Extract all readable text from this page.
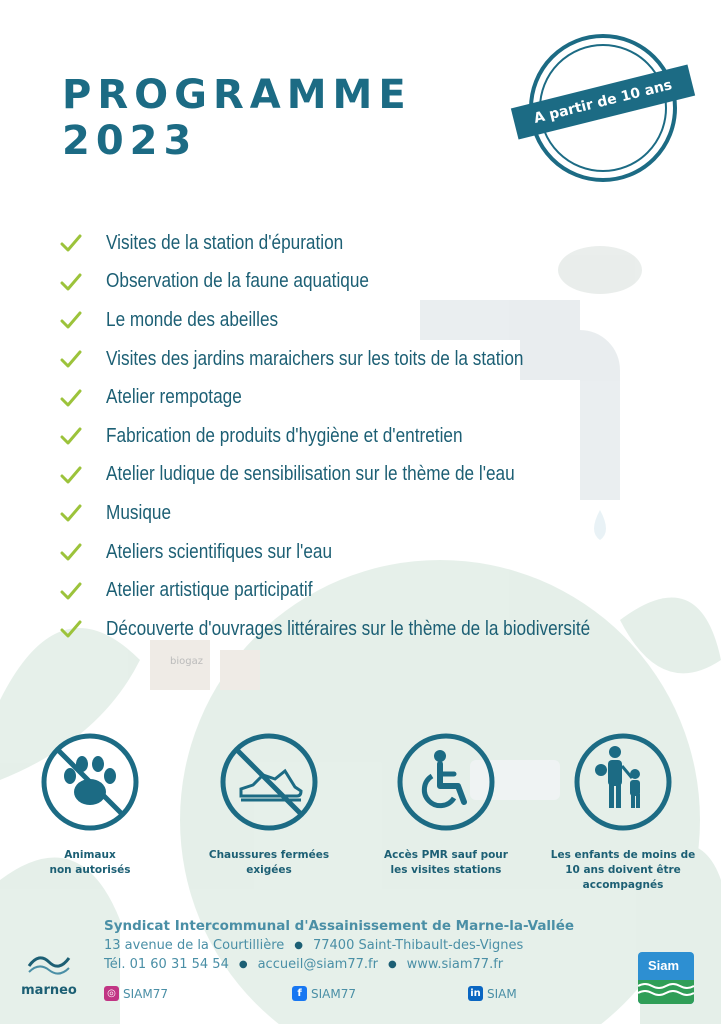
biogaz
PROGRAMME
2023
A partir de 10 ans
Visites de la station d'épuration
Observation de la faune aquatique
Le monde des abeilles
Visites des jardins maraichers sur les toits de la station
Atelier rempotage
Fabrication de produits d'hygiène et d'entretien
Atelier ludique de sensibilisation sur le thème de l'eau
Musique
Ateliers scientifiques sur l'eau
Atelier artistique participatif
Découverte d'ouvrages littéraires sur le thème de la biodiversité
Animaux
non autorisés
Chaussures fermées
exigées
Accès PMR sauf pour
les visites stations
Les enfants de moins de
10 ans doivent être
accompagnés
Syndicat Intercommunal d'Assainissement de Marne-la-Vallée
13 avenue de la Courtillière ● 77400 Saint-Thibault-des-Vignes
Tél. 01 60 31 54 54 ● accueil@siam77.fr ● www.siam77.fr
◎ SIAM77	f SIAM77	in SIAM
marneo
Siam
